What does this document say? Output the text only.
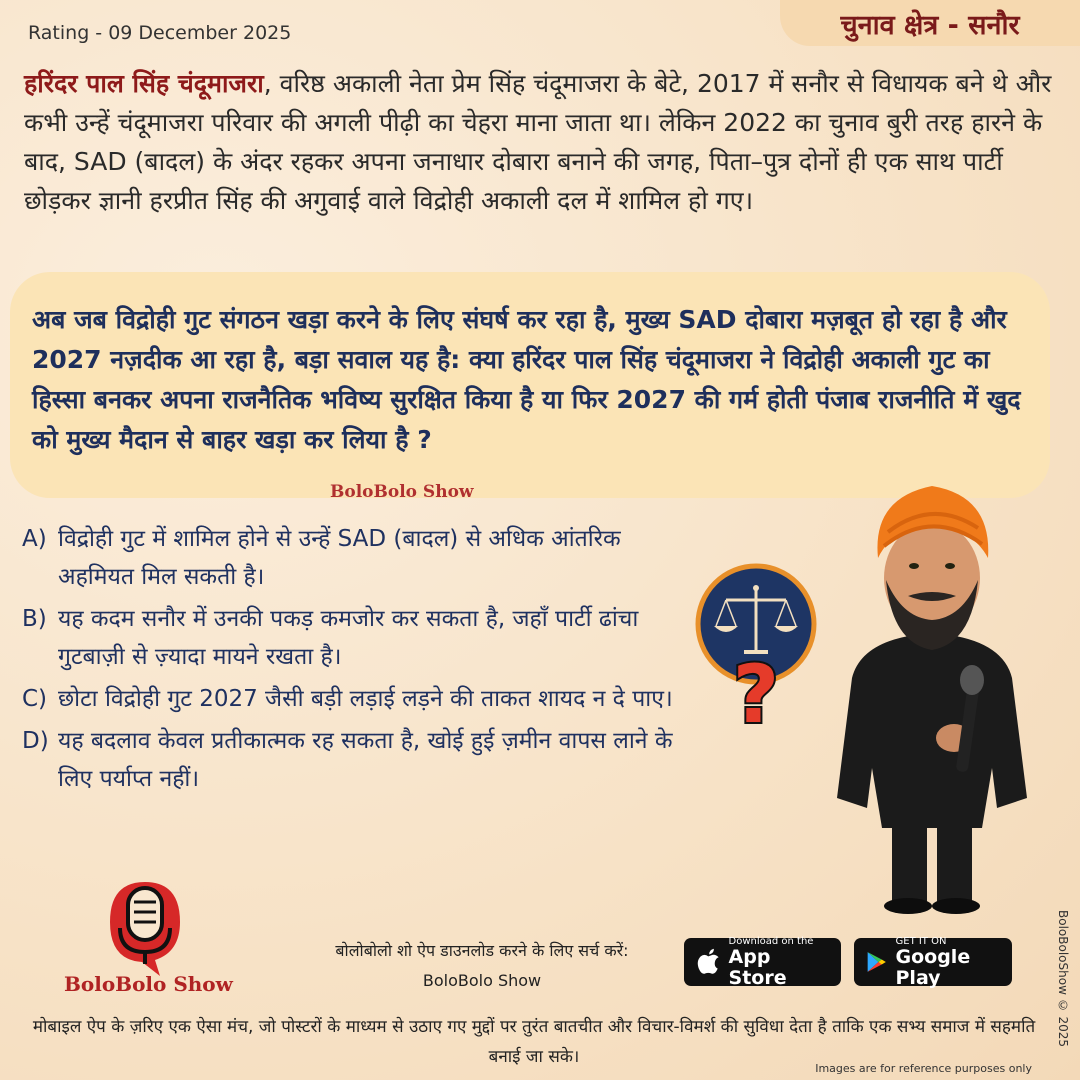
Rating - 09 December 2025	चुनाव क्षेत्र - सनौर
हरिंदर पाल सिंह चंदूमाजरा, वरिष्ठ अकाली नेता प्रेम सिंह चंदूमाजरा के बेटे, 2017 में सनौर से विधायक बने थे और कभी उन्हें चंदूमाजरा परिवार की अगली पीढ़ी का चेहरा माना जाता था। लेकिन 2022 का चुनाव बुरी तरह हारने के बाद, SAD (बादल) के अंदर रहकर अपना जनाधार दोबारा बनाने की जगह, पिता–पुत्र दोनों ही एक साथ पार्टी छोड़कर ज्ञानी हरप्रीत सिंह की अगुवाई वाले विद्रोही अकाली दल में शामिल हो गए।
अब जब विद्रोही गुट संगठन खड़ा करने के लिए संघर्ष कर रहा है, मुख्य SAD दोबारा मज़बूत हो रहा है और 2027 नज़दीक आ रहा है, बड़ा सवाल यह है: क्या हरिंदर पाल सिंह चंदूमाजरा ने विद्रोही अकाली गुट का हिस्सा बनकर अपना राजनैतिक भविष्य सुरक्षित किया है या फिर 2027 की गर्म होती पंजाब राजनीति में खुद को मुख्य मैदान से बाहर खड़ा कर लिया है ?
BoloBolo Show
A) विद्रोही गुट में शामिल होने से उन्हें SAD (बादल) से अधिक आंतरिक अहमियत मिल सकती है।
B) यह कदम सनौर में उनकी पकड़ कमजोर कर सकता है, जहाँ पार्टी ढांचा गुटबाज़ी से ज़्यादा मायने रखता है।
C) छोटा विद्रोही गुट 2027 जैसी बड़ी लड़ाई लड़ने की ताकत शायद न दे पाए।
D) यह बदलाव केवल प्रतीकात्मक रह सकता है, खोई हुई ज़मीन वापस लाने के लिए पर्याप्त नहीं।
?
BoloBolo Show
बोलोबोलो शो ऐप डाउनलोड करने के लिए सर्च करें:
BoloBolo Show
Download on the
App Store
GET IT ON
Google Play
मोबाइल ऐप के ज़रिए एक ऐसा मंच, जो पोस्टरों के माध्यम से उठाए गए मुद्दों पर तुरंत बातचीत और विचार-विमर्श की सुविधा देता है ताकि एक सभ्य समाज में सहमति बनाई जा सके।
Images are for reference purposes only
BoloBoloShow © 2025
